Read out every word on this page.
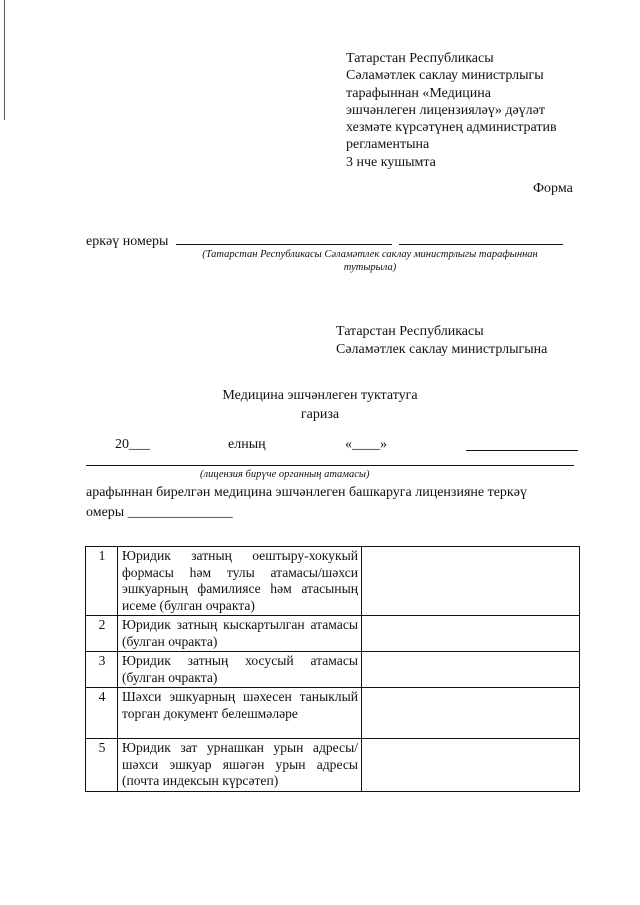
Татарстан Республикасы
Сәламәтлек саклау министрлыгы
тарафыннан «Медицина
эшчәнлеген лицензияләү» дәүләт
хезмәте күрсәтүнең административ
регламентына
3 нче кушымта
Форма
еркәү номеры
(Татарстан Республикасы Сәламәтлек саклау министрлыгы тарафыннан
тутырыла)
Татарстан Республикасы
Сәламәтлек саклау министрлыгына
Медицина эшчәнлеген туктатуга
гариза
20___	елның	«____»
(лицензия бирүче органның атамасы)
арафыннан бирелгән медицина эшчәнлеген башкаруга лицензияне теркәү
омеры _______________
1	Юридик затның оештыру-хокукый формасы һәм тулы атамасы/шәхси эшкуарның фамилиясе һәм атасының исеме (булган очракта)	
2	Юридик затның кыскартылган атамасы (булган очракта)	
3	Юридик затның хосусый атамасы (булган очракта)	
4	Шәхси эшкуарның шәхесен таныклый торган документ белешмәләре	
5	Юридик зат урнашкан урын адресы/ шәхси эшкуар яшәгән урын адресы (почта индексын күрсәтеп)	
